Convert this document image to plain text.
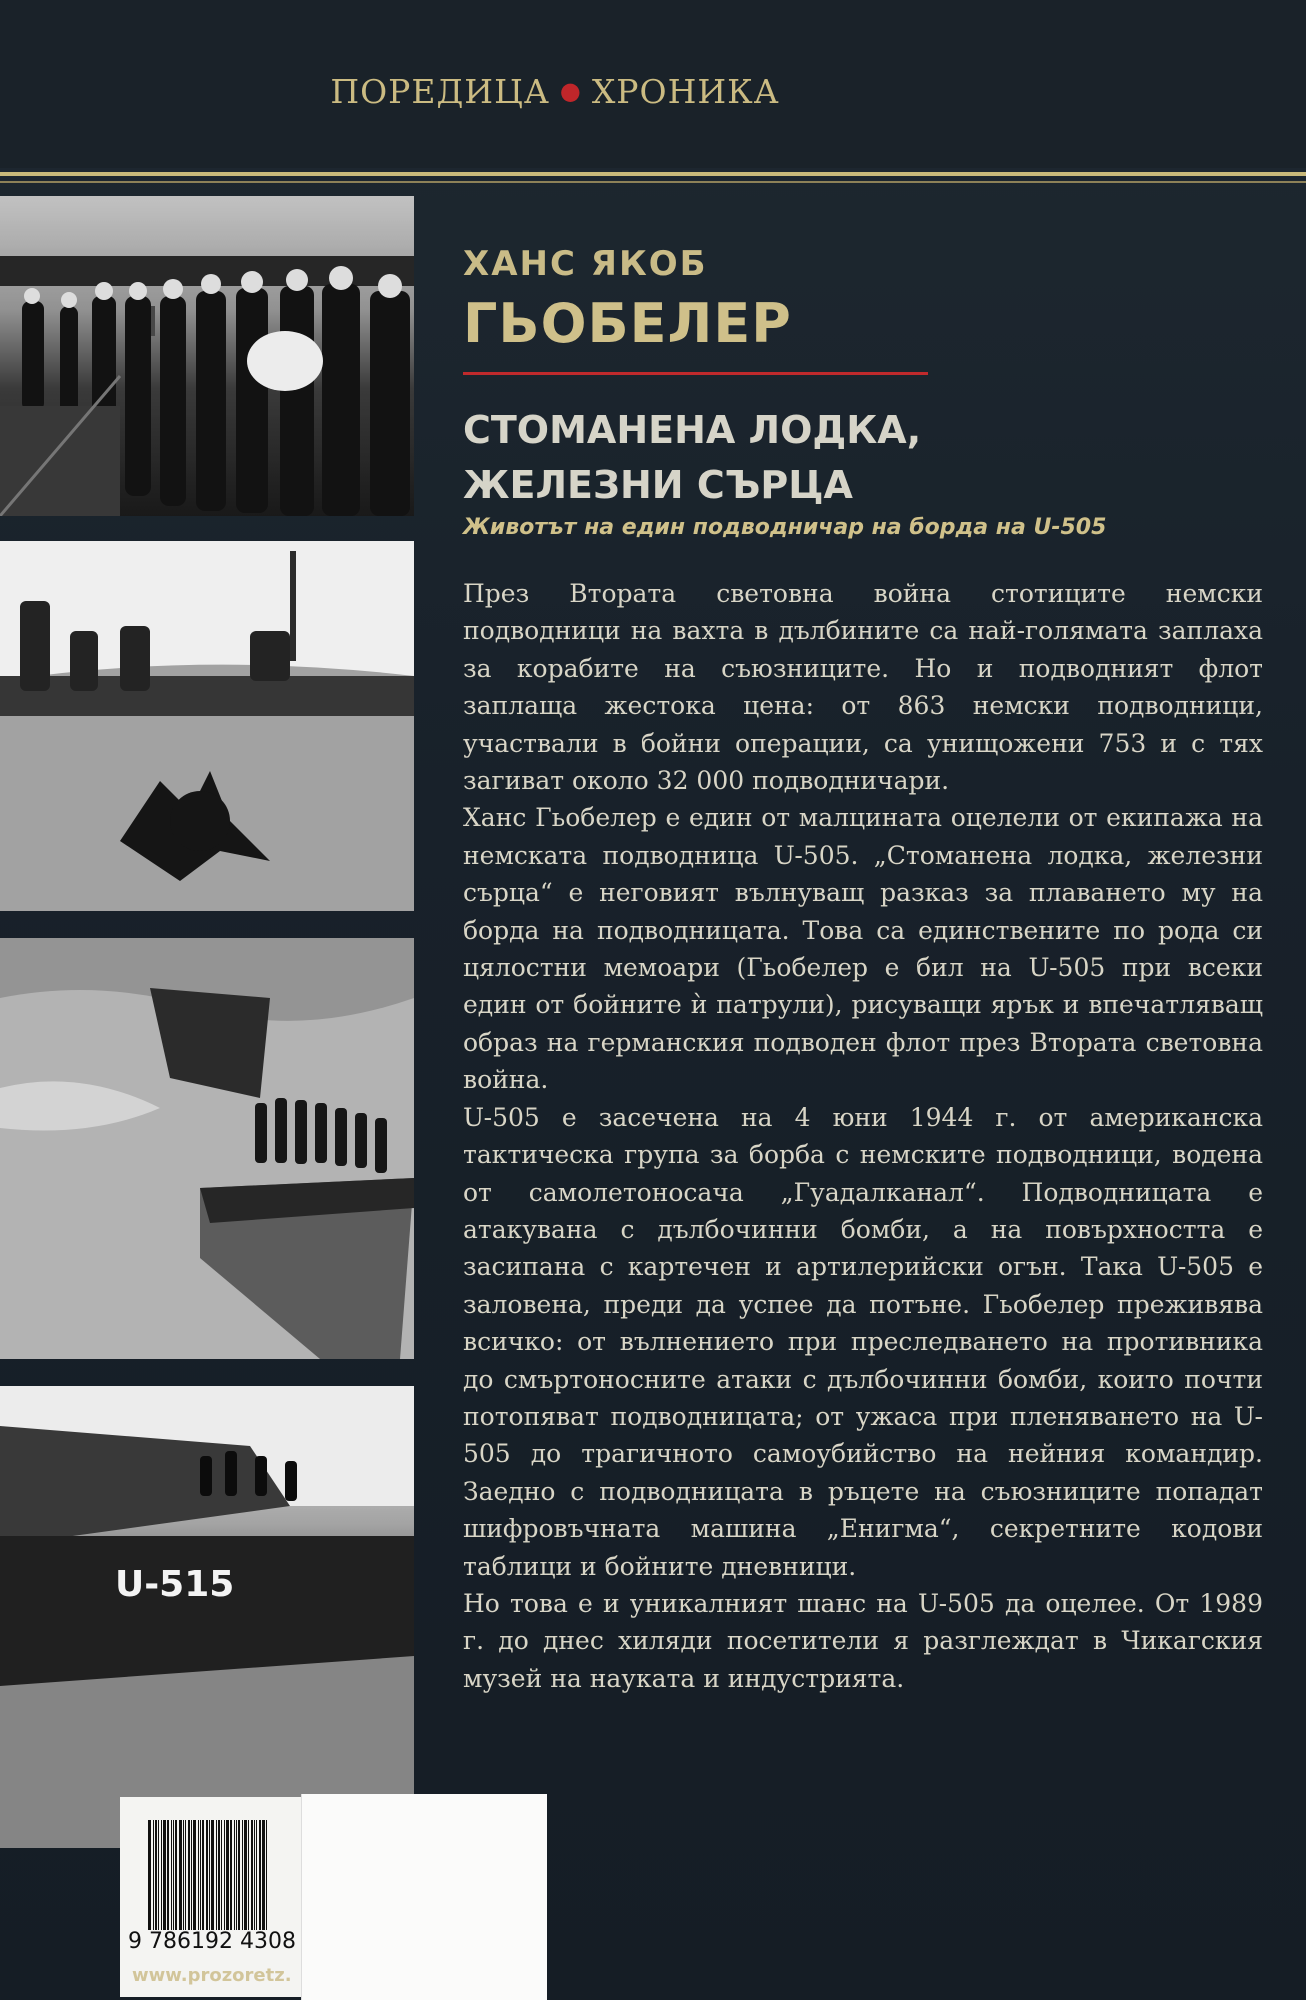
ПОРЕДИЦА ● ХРОНИКА
U-515
ХАНС ЯКОБ
ГЬОБЕЛЕР
СТОМАНЕНА ЛОДКА,
ЖЕЛЕЗНИ СЪРЦА
Животът на един подводничар на борда на U-505

През Втората световна война стотиците немски подводници на вахта в дълбините са най-голямата заплаха за корабите на съюзниците. Но и подводният флот заплаща жестока цена: от 863 немски подводници, участвали в бойни операции, са унищожени 753 и с тях загиват около 32 000 подводничари.

Ханс Гьобелер е един от малцината оцелели от екипажа на немската подводница U-505. „Стоманена лодка, железни сърца“ е неговият вълнуващ разказ за плаването му на борда на подводницата. Това са единствените по рода си цялостни мемоари (Гьобелер е бил на U-505 при всеки един от бойните ѝ патрули), рисуващи ярък и впечатляващ образ на германския подводен флот през Втората световна война.

U-505 е засечена на 4 юни 1944 г. от американска тактическа група за борба с немските подводници, водена от самолетоносача „Гуадалканал“. Подводницата е атакувана с дълбочинни бомби, а на повърхността е засипана с картечен и артилерийски огън. Така U-505 е заловена, преди да успее да потъне. Гьобелер преживява всичко: от вълнението при преследването на противника до смъртоносните атаки с дълбочинни бомби, които почти потопяват подводницата; от ужаса при пленяването на U-505 до трагичното самоубийство на нейния командир. Заедно с подводницата в ръцете на съюзниците попадат шифровъчната машина „Енигма“, секретните кодови таблици и бойните дневници.

Но това е и уникалният шанс на U-505 да оцелее. От 1989 г. до днес хиляди посетители я разглеждат в Чикагския музей на науката и индустрията.

9 786192 4308
www.prozoretz.
